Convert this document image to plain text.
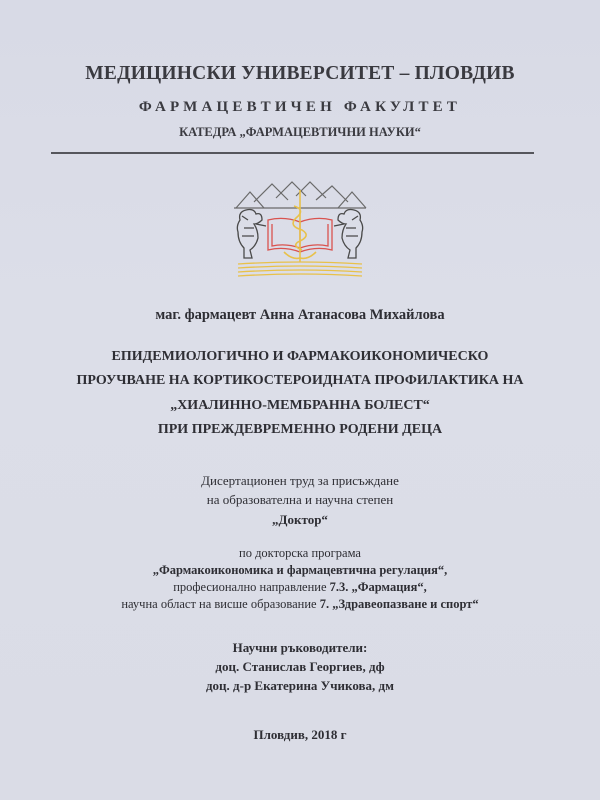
МЕДИЦИНСКИ УНИВЕРСИТЕТ – ПЛОВДИВ
ФАРМАЦЕВТИЧЕН ФАКУЛТЕТ
КАТЕДРА „ФАРМАЦЕВТИЧНИ НАУКИ“
маг. фармацевт Анна Атанасова Михайлова
ЕПИДЕМИОЛОГИЧНО И ФАРМАКОИКОНОМИЧЕСКО
ПРОУЧВАНЕ НА КОРТИКОСТЕРОИДНАТА ПРОФИЛАКТИКА НА
„ХИАЛИННО-МЕМБРАННА БОЛЕСТ“
ПРИ ПРЕЖДЕВРЕМЕННО РОДЕНИ ДЕЦА
Дисертационен труд за присъждане
на образователна и научна степен
„Доктор“
по докторска програма
„Фармакоикономика и фармацевтична регулация“,
професионално направление 7.3. „Фармация“,
научна област на висше образование 7. „Здравеопазване и спорт“
Научни ръководители:
доц. Станислав Георгиев, дф
доц. д-р Екатерина Учикова, дм
Пловдив, 2018 г
